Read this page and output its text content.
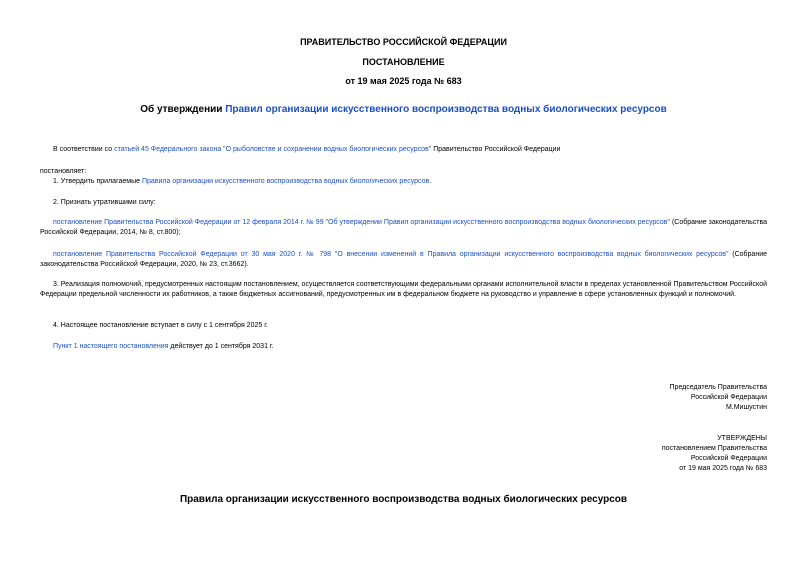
ПРАВИТЕЛЬСТВО РОССИЙСКОЙ ФЕДЕРАЦИИ
ПОСТАНОВЛЕНИЕ
от 19 мая 2025 года № 683
Об утверждении Правил организации искусственного воспроизводства водных биологических ресурсов
В соответствии со статьей 45 Федерального закона "О рыболовстве и сохранении водных биологических ресурсов" Правительство Российской Федерации
постановляет:
1. Утвердить прилагаемые Правила организации искусственного воспроизводства водных биологических ресурсов.
2. Признать утратившими силу:
постановление Правительства Российской Федерации от 12 февраля 2014 г. № 99 "Об утверждении Правил организации искусственного воспроизводства водных биологических ресурсов" (Собрание законодательства Российской Федерации, 2014, № 8, ст.800);
постановление Правительства Российской Федерации от 30 мая 2020 г. № 798 "О внесении изменений в Правила организации искусственного воспроизводства водных биологических ресурсов" (Собрание законодательства Российской Федерации, 2020, № 23, ст.3662).
3. Реализация полномочий, предусмотренных настоящим постановлением, осуществляется соответствующими федеральными органами исполнительной власти в пределах установленной Правительством Российской Федерации предельной численности их работников, а также бюджетных ассигнований, предусмотренных им в федеральном бюджете на руководство и управление в сфере установленных функций и полномочий.
4. Настоящее постановление вступает в силу с 1 сентября 2025 г.
Пункт 1 настоящего постановления действует до 1 сентября 2031 г.
Председатель Правительства
Российской Федерации
М.Мишустин
УТВЕРЖДЕНЫ
постановлением Правительства
Российской Федерации
от 19 мая 2025 года № 683
Правила организации искусственного воспроизводства водных биологических ресурсов
